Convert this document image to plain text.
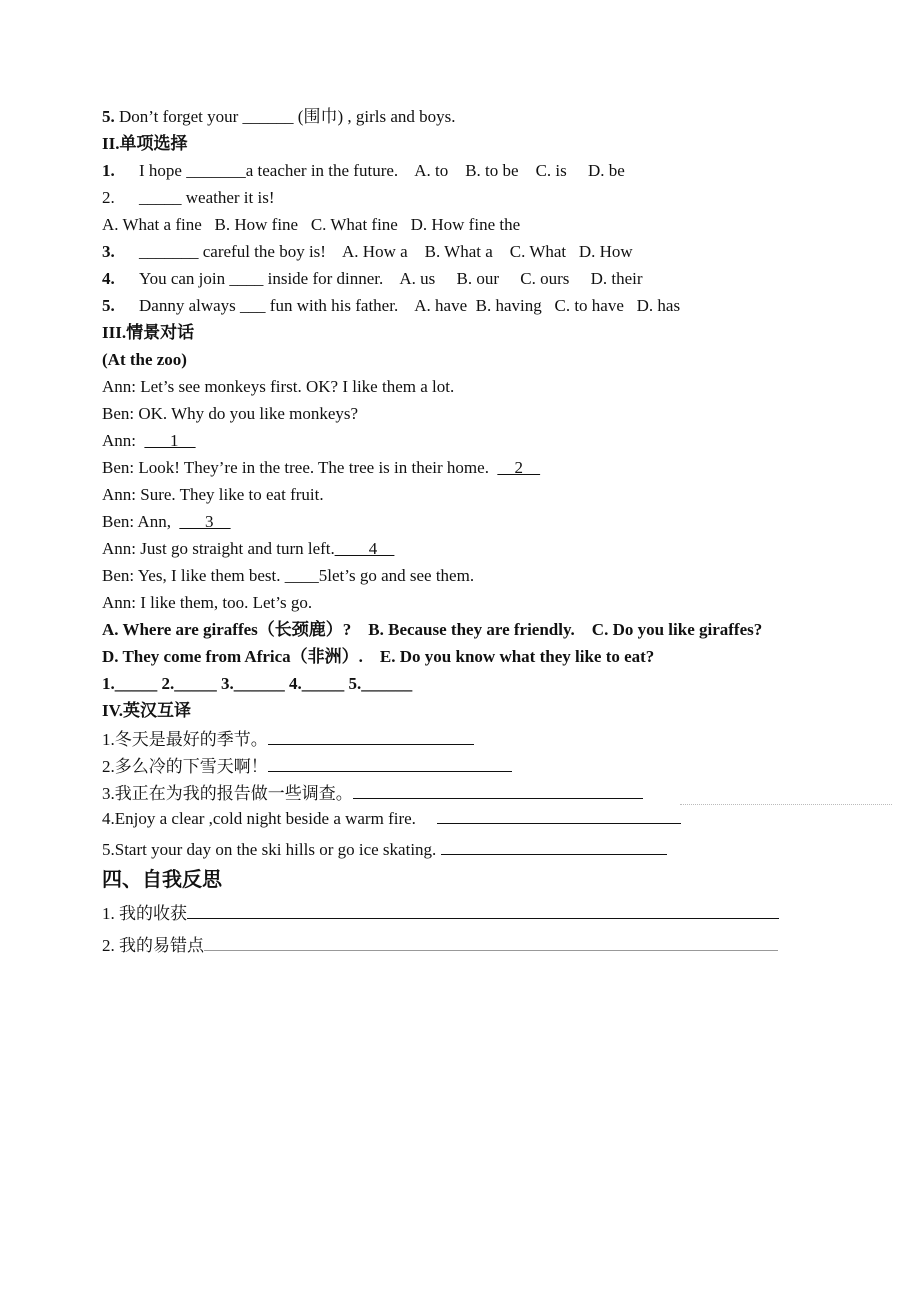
5. Don’t forget your ______ (围巾) , girls and boys.
II.单项选择
1. I hope _______a teacher in the future. A. to    B. to be    C. is     D. be
2. _____ weather it is!
A. What a fine   B. How fine   C. What fine   D. How fine the
3. _______ careful the boy is! A. How a    B. What a    C. What   D. How
4. You can join ____ inside for dinner. A. us     B. our     C. ours     D. their
5. Danny always ___ fun with his father. A. have  B. having   C. to have   D. has
III.情景对话
(At the zoo)
Ann: Let’s see monkeys first. OK? I like them a lot.
Ben: OK. Why do you like monkeys?
Ann:  ___1__
Ben: Look! They’re in the tree. The tree is in their home.  __2__
Ann: Sure. They like to eat fruit.
Ben: Ann,  ___3__
Ann: Just go straight and turn left.____4__
Ben: Yes, I like them best. ____5let’s go and see them.
Ann: I like them, too. Let’s go.
A. Where are giraffes（长颈鹿）?    B. Because they are friendly.    C. Do you like giraffes?
D. They come from Africa（非洲）.    E. Do you know what they like to eat?
1._____ 2._____ 3.______ 4._____ 5.______
IV.英汉互译
1.冬天是最好的季节。
2.多么冷的下雪天啊！
3.我正在为我的报告做一些调查。
4.Enjoy a clear ,cold night beside a warm fire.
5.Start your day on the ski hills or go ice skating.
四、自我反思
1. 我的收获
2. 我的易错点
